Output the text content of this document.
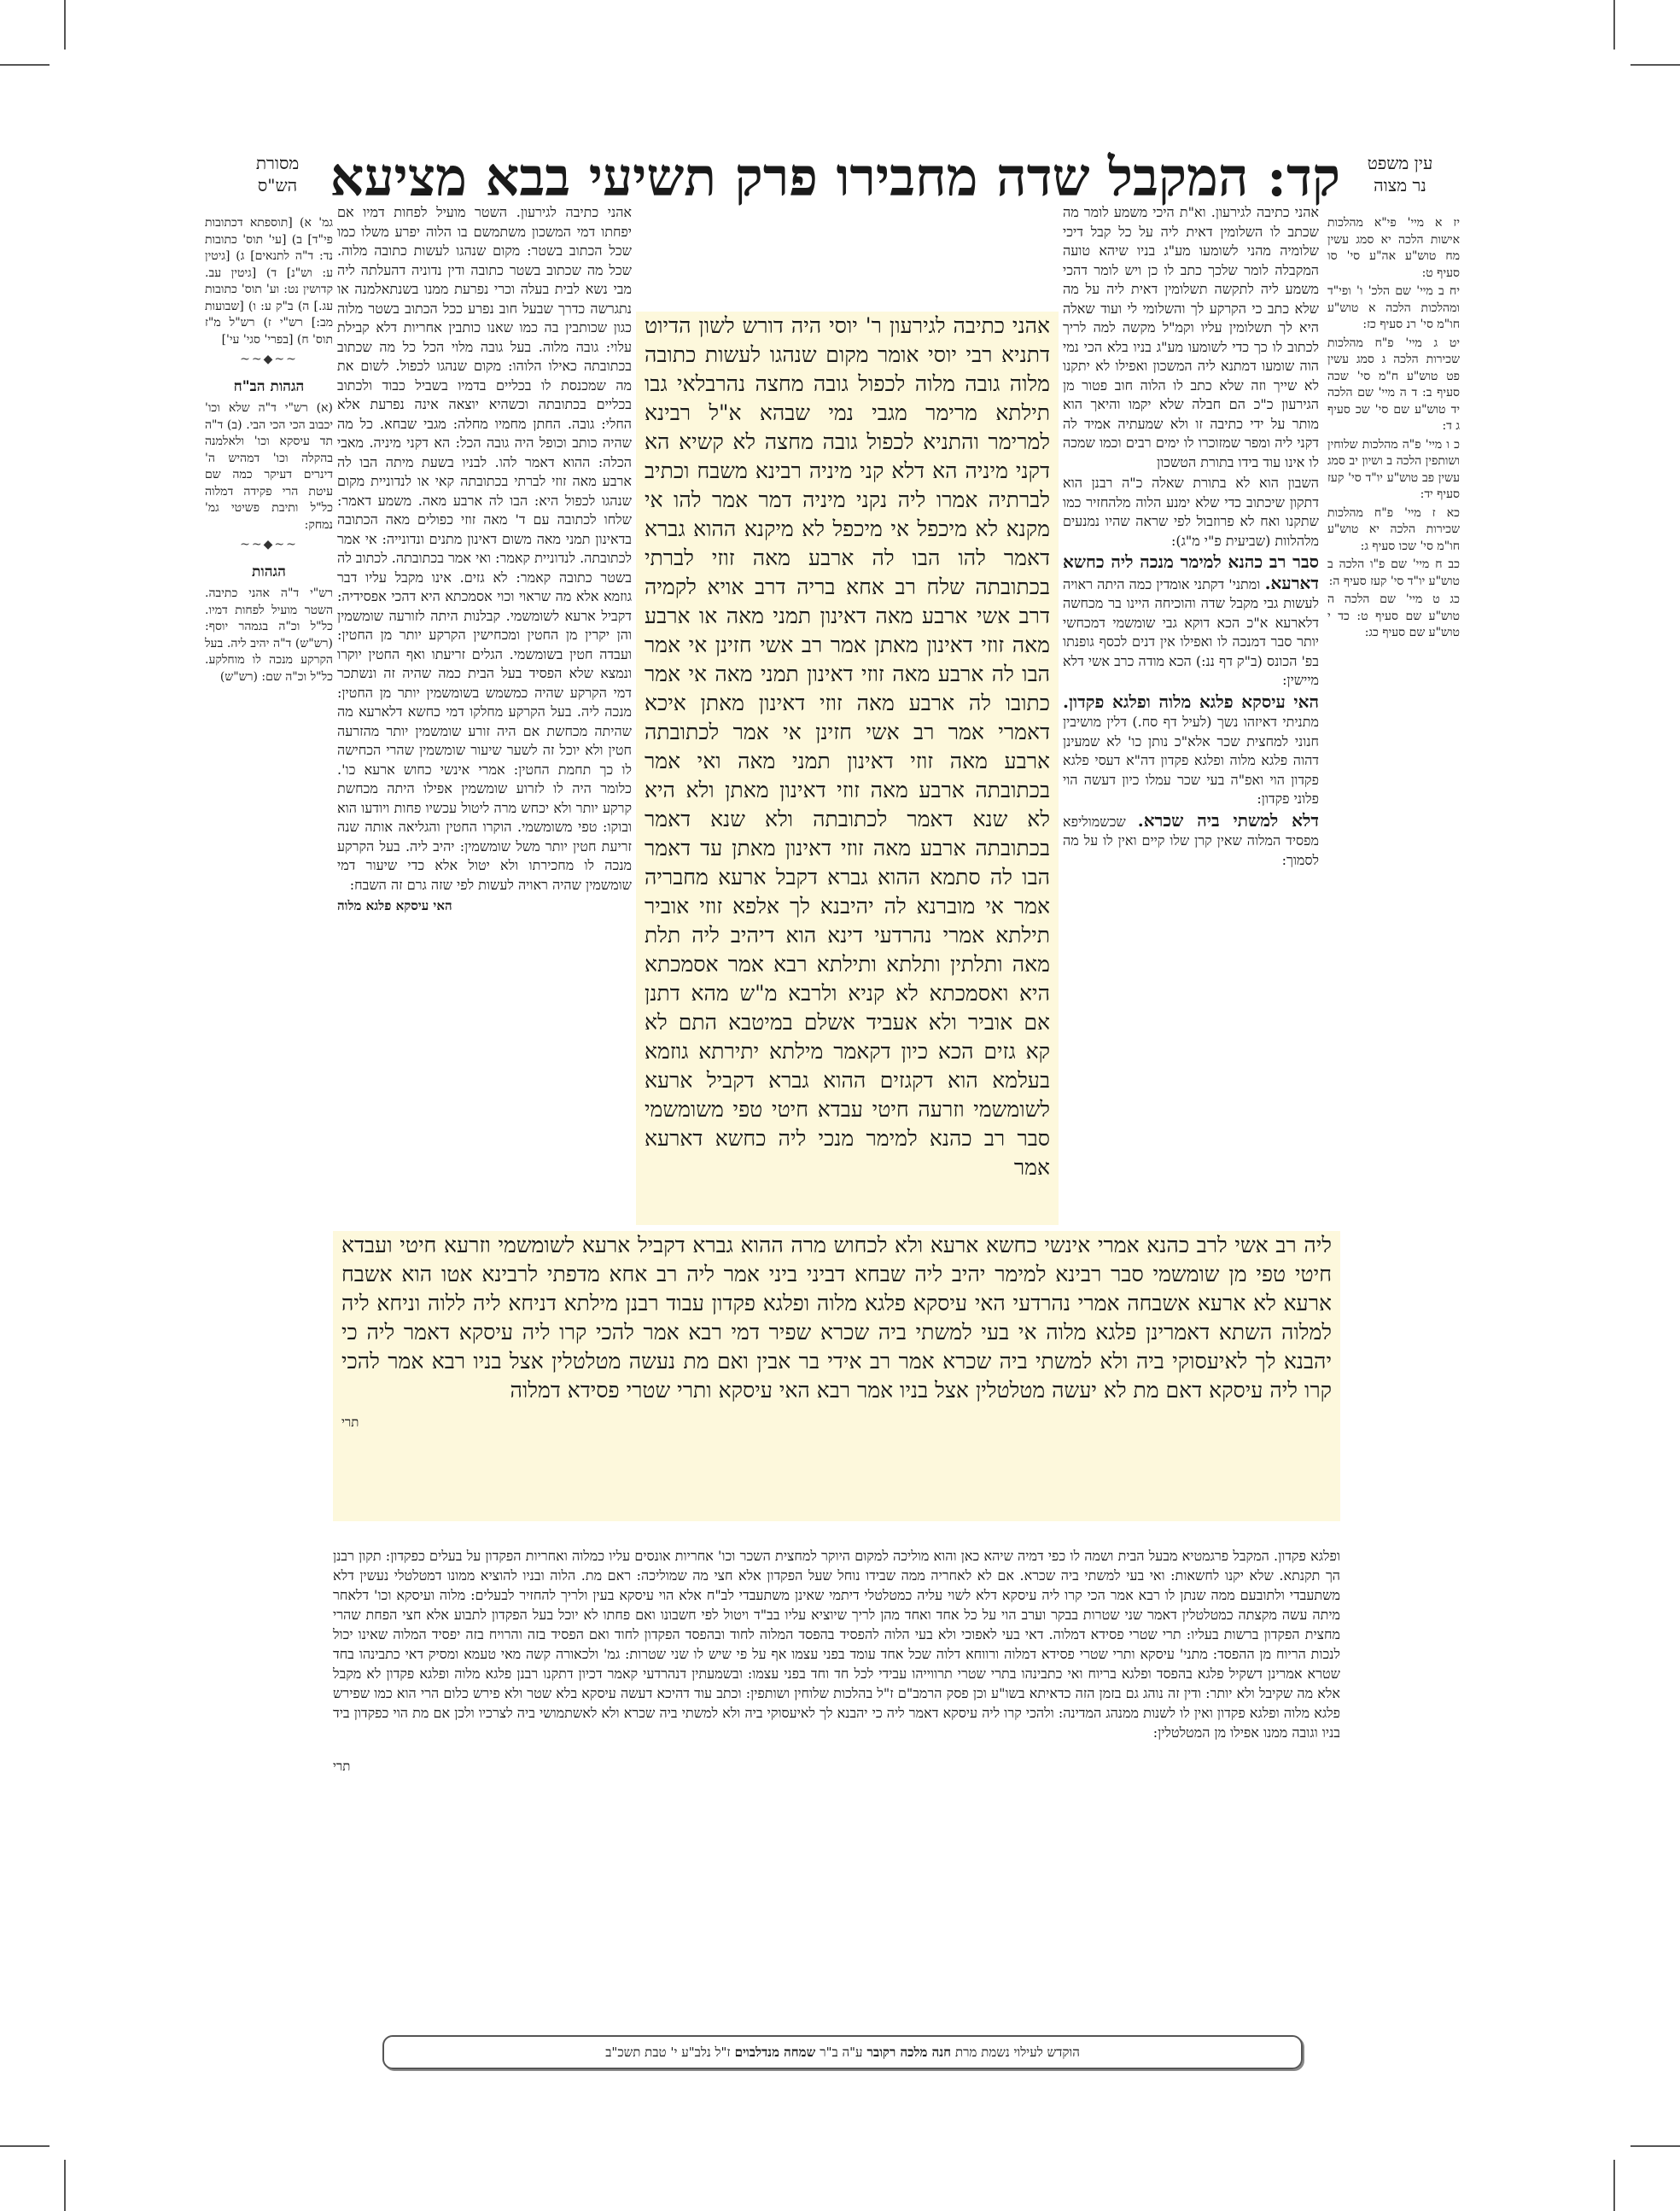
קד: המקבל שדה מחבירו פרק תשיעי בבא מציעא	עין משפט
נר מצוה
מסורת
הש"ס

יז א מיי' פי"א מהלכות אישות הלכה יא סמג עשין מח טוש"ע אה"ע סי' סו סעיף ט:

יח ב מיי' שם הלכ' ו' ופי"ד ומהלכות הלכה א טוש"ע חו"מ סי' רנ סעיף כז:

יט ג מיי' פ"ח מהלכות שכירות הלכה ג סמג עשין פט טוש"ע ח"מ סי' שכה סעיף ב: ד ה מיי' שם הלכה יד טוש"ע שם סי' שכ סעיף ג ד:

כ ו מיי' פ"ה מהלכות שלוחין ושותפין הלכה ב ושיון יב סמג עשין פב טוש"ע יו"ד סי' קעז סעיף יד:

כא ז מיי' פ"ח מהלכות שכירות הלכה יא טוש"ע חו"מ סי' שכו סעיף ג:

כב ח מיי' שם פ"ו הלכה ב טוש"ע יו"ד סי' קעז סעיף ה:

כג ט מיי' שם הלכה ה טוש"ע שם סעיף ט: כד י טוש"ע שם סעיף כג:

גמ' א) [תוספתא דכתובות פי"ד] ב) [עי' תוס' כתובות נד: ד"ה לתנאים] ג) [גיטין ע: וש"נ] ד) [גיטין עב. קדושין נט: וע' תוס' כתובות עג.] ה) ב"ק ע: ו) [שבועות מב:] רש"י ז) רש"ל מ"ז תוס' ח) [בפרי' סגי' עי']

~~◆~~
הגהות הב"ח

(א) רש"י ד"ה שלא וכו' יכבוב הכי הכי הבי. (ב) ד"ה תד עיסקא וכו' ולאלמנה בהקלה וכו' דמהיש ה' דינרים דעיקר כמה שם עיטת הרי פקידה דמלוה כל"ל ותיבת פשיטי גמ' נמחק:

~~◆~~
הגהות

רש"י ד"ה אהני כתיבה. השטר מועיל לפחות דמיו. כל"ל וכ"ה בגמהר יוסף: (רש"ש) ד"ה יהיב ליה. בעל הקרקע מנכה לו מוחלקע. כל"ל וכ"ה שם: (רש"ש)

אהני כתיבה לגירעון. וא"ת היכי משמע לומר מה שכתב לו השלומין דאית ליה על כל קבל דיכי שלומיה מהני לשומעו מע"ג בניו שיהא טועה המקבלה לומר שלכך כתב לו כן ויש לומר דהכי משמע ליה לתקשה תשלומין דאית ליה על מה שלא כתב כי הקרקע לך והשלומי לי ועוד שאלה היא לך תשלומין עליו וקמ"ל מקשה למה לריך לכתוב לו כך כדי לשומעו מע"ג בניו בלא הכי נמי הוה שומעו דמתנא ליה המשכון ואפילו לא יתקנו לא שייך וזה שלא כתב לו הלוה חוב פטור מן הגירעון כ"כ הם חבלה שלא יקמו והיאך הוא מותר על ידי כתיבה זו ולא שמעתיה אמיד לה דקני ליה ומפר שמזוכרו לו ימים רבים וכמו שמכה לו אינו עוד בידו בתורת הטשכון

השבון הוא לא בתורת שאלה כ"ה רבנן הוא דתקון שיכתוב כדי שלא ימנע הלוה מלהחזיר כמו שתקנו ואח לא פרוזבול לפי שראה שהיו נמנעים מלהלוות (שביעית פ"י מ"ג):

סבר רב כהנא למימר מנכה ליה כחשא דארעא. ומתני' דקתני אומדין כמה היתה ראויה לעשות גבי מקבל שדה והוכיחה היינו בר מכחשה דלארעא א"כ הכא דוקא גבי שומשמי דמכחשי יותר סבר דמנכה לו ואפילו אין דנים לכסף גופנתו בפ' הכונס (ב"ק דף ננ:) הכא מודה כרב אשי דלא מיישין:

האי עיסקא פלגא מלוה ופלגא פקדון. מתניתי דאיזהו נשך (לעיל דף סח.) דלין מושיבין חנוני למחצית שכר אלא"כ נותן כו' לא שמעינן דהוה פלגא מלוה ופלגא פקדון דה"א דעסי פלגא פקדון הוי ואפ"ה בעי שכר עמלו כיון דעשה הוי פלוני פקדון:

דלא למשתי ביה שכרא. שכשמוליפא מפסיד המלוה שאין קרן שלו קיים ואין לו על מה לסמוך:

אהני כתיבה לגירעון ר' יוסי היה דורש לשון הדיוט דתניא רבי יוסי אומר מקום שנהגו לעשות כתובה מלוה גובה מלוה לכפול גובה מחצה נהרבלאי גבו תילתא מרימר מגבי נמי שבהא א"ל רבינא למרימר והתניא לכפול גובה מחצה לא קשיא הא דקני מיניה הא דלא קני מיניה רבינא משבח וכתיב לברתיה אמרו ליה נקני מיניה דמר אמר להו אי מקנא לא מיכפל אי מיכפל לא מיקנא ההוא גברא דאמר להו הבו לה ארבע מאה זוזי לברתי בכתובתה שלח רב אחא בריה דרב אויא לקמיה דרב אשי ארבע מאה דאינון תמני מאה או ארבע מאה זוזי דאינון מאתן אמר רב אשי חזינן אי אמר הבו לה ארבע מאה זוזי דאינון תמני מאה אי אמר כתובו לה ארבע מאה זוזי דאינון מאתן איכא דאמרי אמר רב אשי חזינן אי אמר לכתובתה ארבע מאה זוזי דאינון תמני מאה ואי אמר בכתובתה ארבע מאה זוזי דאינון מאתן ולא היא לא שנא דאמר לכתובתה ולא שנא דאמר בכתובתה ארבע מאה זוזי דאינון מאתן עד דאמר הבו לה סתמא ההוא גברא דקבל ארעא מחבריה אמר אי מוברנא לה יהיבנא לך אלפא זוזי אוביר תילתא אמרי נהרדעי דינא הוא דיהיב ליה תלת מאה ותלתין ותלתא ותילתא רבא אמר אסמכתא היא ואסמכתא לא קניא ולרבא מ"ש מהא דתנן אם אוביר ולא אעביד אשלם במיטבא התם לא קא גזים הכא כיון דקאמר מילתא יתירתא גוזמא בעלמא הוא דקגזים ההוא גברא דקביל ארעא לשומשמי וזרעה חיטי עבדא חיטי טפי משומשמי סבר רב כהנא למימר מנכי ליה כחשא דארעא אמר

ליה רב אשי לרב כהנא אמרי אינשי כחשא ארעא ולא לכחוש מרה ההוא גברא דקביל ארעא לשומשמי וזרעא חיטי ועבדא חיטי טפי מן שומשמי סבר רבינא למימר יהיב ליה שבחא דביני ביני אמר ליה רב אחא מדפתי לרבינא אטו הוא אשבח ארעא לא ארעא אשבחה אמרי נהרדעי האי עיסקא פלגא מלוה ופלגא פקדון עבוד רבנן מילתא דניחא ליה ללוה וניחא ליה למלוה השתא דאמרינן פלגא מלוה אי בעי למשתי ביה שכרא שפיר דמי רבא אמר להכי קרו ליה עיסקא דאמר ליה כי יהבנא לך לאיעסוקי ביה ולא למשתי ביה שכרא אמר רב אידי בר אבין ואם מת נעשה מטלטלין אצל בניו רבא אמר להכי קרו ליה עיסקא דאם מת לא יעשה מטלטלין אצל בניו אמר רבא האי עיסקא ותרי שטרי פסידא דמלוה

תרי

אהני כתיבה לגירעון. השטר מועיל לפחות דמיו אם יפחתו דמי המשכון משתמשם בו הלוה יפרע משלו כמו שכל הכתוב בשטר: מקום שנהגו לעשות כתובה מלוה. שכל מה שכתוב בשטר כתובה ודין נדוניה דהעלתה ליה מבי נשא לבית בעלה וכרי נפרעת ממנו בשנתאלמנה או נתגרשה כדרך שבעל חוב נפרע ככל הכתוב בשטר מלוה כגון שכותבין בה כמו שאנו כותבין אחריות דלא קבילת עלוי: גובה מלוה. בעל גובה מלוי הכל כל מה שכתוב בכתובתה כאילו הלוהו: מקום שנהגו לכפול. לשום את מה שמכנסת לו בכליים בדמיו בשביל כבוד ולכתוב בכליים בכתובתה וכשהיא יוצאה אינה נפרעת אלא החלי: גובה. החתן מחמיו מחלה: מגבי שבחא. כל מה שהיה כותב וכופל היה גובה הכל: הא דקני מיניה. מאבי הכלה: ההוא דאמר להו. לבניו בשעת מיתה הבו לה ארבע מאה זוזי לברתי בכתובתה קאי או לנדוניית מקום שנהגו לכפול היא: הבו לה ארבע מאה. משמע דאמר: שלחו לכתובה עם ד' מאה זוזי כפולים מאה הכתובה בדאינון תמני מאה משום דאינון מתנים ונדונייה: אי אמר לכתובתה. לנדוניית קאמר: ואי אמר בכתובתה. לכתוב לה בשטר כתובה קאמר: לא גזים. אינו מקבל עליו דבר גוזמא אלא מה שראוי וכוי אסמכתא היא דהכי אפסידיה: דקביל ארעא לשומשמי. קבלנות היתה לזורעה שומשמין והן יקרין מן החטין ומכחישין הקרקע יותר מן החטין: ועבדה חטין בשומשמי. הגלים זריעתו ואף החטין יוקרו ונמצא שלא הפסיד בעל הבית כמה שהיה זה ונשתכר דמי הקרקע שהיה כמשמש בשומשמין יותר מן החטין: מנכה ליה. בעל הקרקע מחלקו דמי כחשא דלארעא מה שהיתה מכחשת אם היה זורע שומשמין יותר מהזרעה חטין ולא יוכל זה לשער שיעור שומשמין שהרי הכחישה לו כך תחמת החטין: אמרי אינשי כחוש ארעא כו'. כלומר היה לו לזרוע שומשמין אפילו היתה מכחשת קרקע יותר ולא יכחש מרה ליטול עכשיו פחות ויודעו הוא ובוקו: טפי משומשמי. הוקרו החטין והגליאה אותה שנה זריעת חטין יותר משל שומשמין: יהיב ליה. בעל הקרקע מנכה לו מחכירתו ולא יטול אלא כדי שיעור דמי שומשמין שהיה ראויה לעשות לפי שזה גרם זה השבח:

האי עיסקא פלגא מלוה

ופלגא פקדון. המקבל פרגמטיא מבעל הבית ושמה לו כפי דמיה שיהא כאן והוא מוליכה למקום היוקר למחצית השכר וכו' אחריות אונסים עליו כמלוה ואחריות הפקדון על בעלים כפקדון: תקון רבנן הך תקנתא. שלא יקנו לחשאות: ואי בעי למשתי ביה שכרא. אם לא לאחריה ממה שבידו נוחל שעל הפקדון אלא חצי מה שמוליכה: ראם מת. הלוה ובניו להוציא ממונו דמטלטלי נעשין דלא משתעבדי ולתובעם ממה שנתן לו רבא אמר הכי קרו ליה עיסקא דלא לשוי עליה כמטלטלי דיתמי שאינן משתעבדי לב"ח אלא הוי עיסקא בעין ולריך להחזיר לבעלים: מלוה ועיסקא וכו' דלאחר מיתה עשה מקצתה כמטלטלין דאמר שני שטרות בבקר וערב הוי על כל אחד ואחד מהן לריך שיוציא עליו בב"ד ויטול לפי חשבונו ואם פחתו לא יוכל בעל הפקדון לתבוע אלא חצי הפחת שהרי מחצית הפקדון ברשות בעליו: תרי שטרי פסידא דמלוה. דאי בעי לאפוכי ולא בעי הלוה להפסיד בהפסד המלוה לחוד ובהפסד הפקדון לחוד ואם הפסיד בזה והרויח בזה יפסיד המלוה שאינו יכול לנכות הריוח מן ההפסד: מתני' עיסקא ותרי שטרי פסידא דמלוה ורווחא דלוה שכל אחד עומד בפני עצמו אף על פי שיש לו שני שטרות: גמ' ולכאורה קשה מאי טעמא ומסיק דאי כתבינהו בחד שטרא אמרינן דשקיל פלגא בהפסד ופלגא בריוח ואי כתבינהו בתרי שטרי תרווייהו עבידי לכל חד וחד בפני עצמו: ובשמעתין דנהרדעי קאמר דכיון דתקנו רבנן פלגא מלוה ופלגא פקדון לא מקבל אלא מה שקיבל ולא יותר: ודין זה נוהג גם בזמן הזה כדאיתא בשו"ע וכן פסק הרמב"ם ז"ל בהלכות שלוחין ושותפין: וכתב עוד דהיכא דעשה עיסקא בלא שטר ולא פירש כלום הרי הוא כמו שפירש פלגא מלוה ופלגא פקדון ואין לו לשנות ממנהג המדינה: ולהכי קרו ליה עיסקא דאמר ליה כי יהבנא לך לאיעסוקי ביה ולא למשתי ביה שכרא ולא לאשתמושי ביה לצרכיו ולכן אם מת הוי כפקדון ביד בניו וגובה ממנו אפילו מן המטלטלין:

תרי

הוקדש לעילוי נשמת מרת
חנה מלכה רקובר
ע"ה ב"ר
שמחה מנדלבוים
ז"ל נלב"ע י' טבת תשכ"ב
